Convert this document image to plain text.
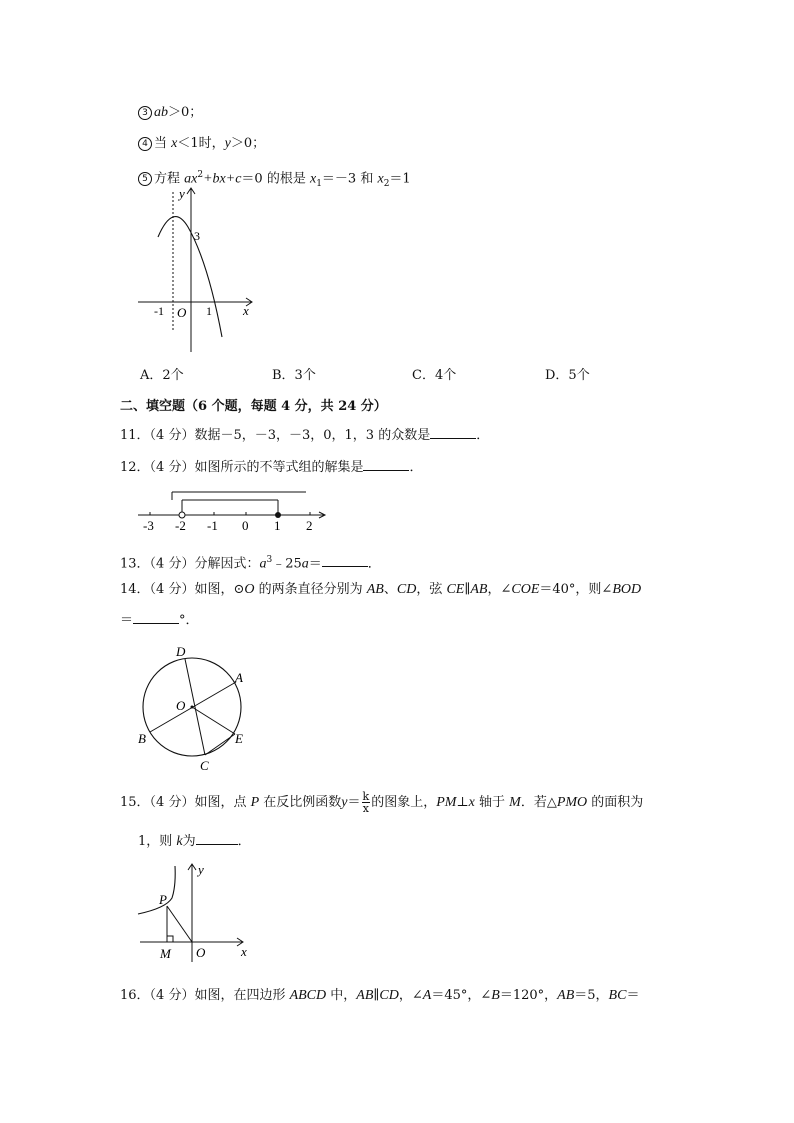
3 ab＞0；
4 当 x＜1时，y＞0；
5 方程 $ax^2+bx+c=0$ 的根是 $x_1=-3$ 和 $x_2=1$
y
3
-1 O 1 x
A．2个	B．3个	C．4个	D．5个
二、填空题（6 个题，每题 4 分，共 24 分）
11．（4 分）数据－5，－3，－3，0，1，3 的众数是	．
12．（4 分）如图所示的不等式组的解集是	．
-3 -2 -1 0 1 2
13．（4 分）分解因式：$a^3﹣25a=$	．
14．（4 分）如图，⊙O 的两条直径分别为 AB、CD，弦 CE∥AB，∠COE＝40°，则∠BOD
＝	°．
D
A
O
B	E
C
15．（4 分）如图，点 P 在反比例函数$y= \frac{k}{x}$ 的图象上，PM⊥x 轴于 M．若△PMO 的面积为
1，则 k为	．
y
P
M O	x
16．（4 分）如图，在四边形 ABCD 中，AB∥CD，∠A＝45°，∠B＝120°，AB＝5，BC＝
